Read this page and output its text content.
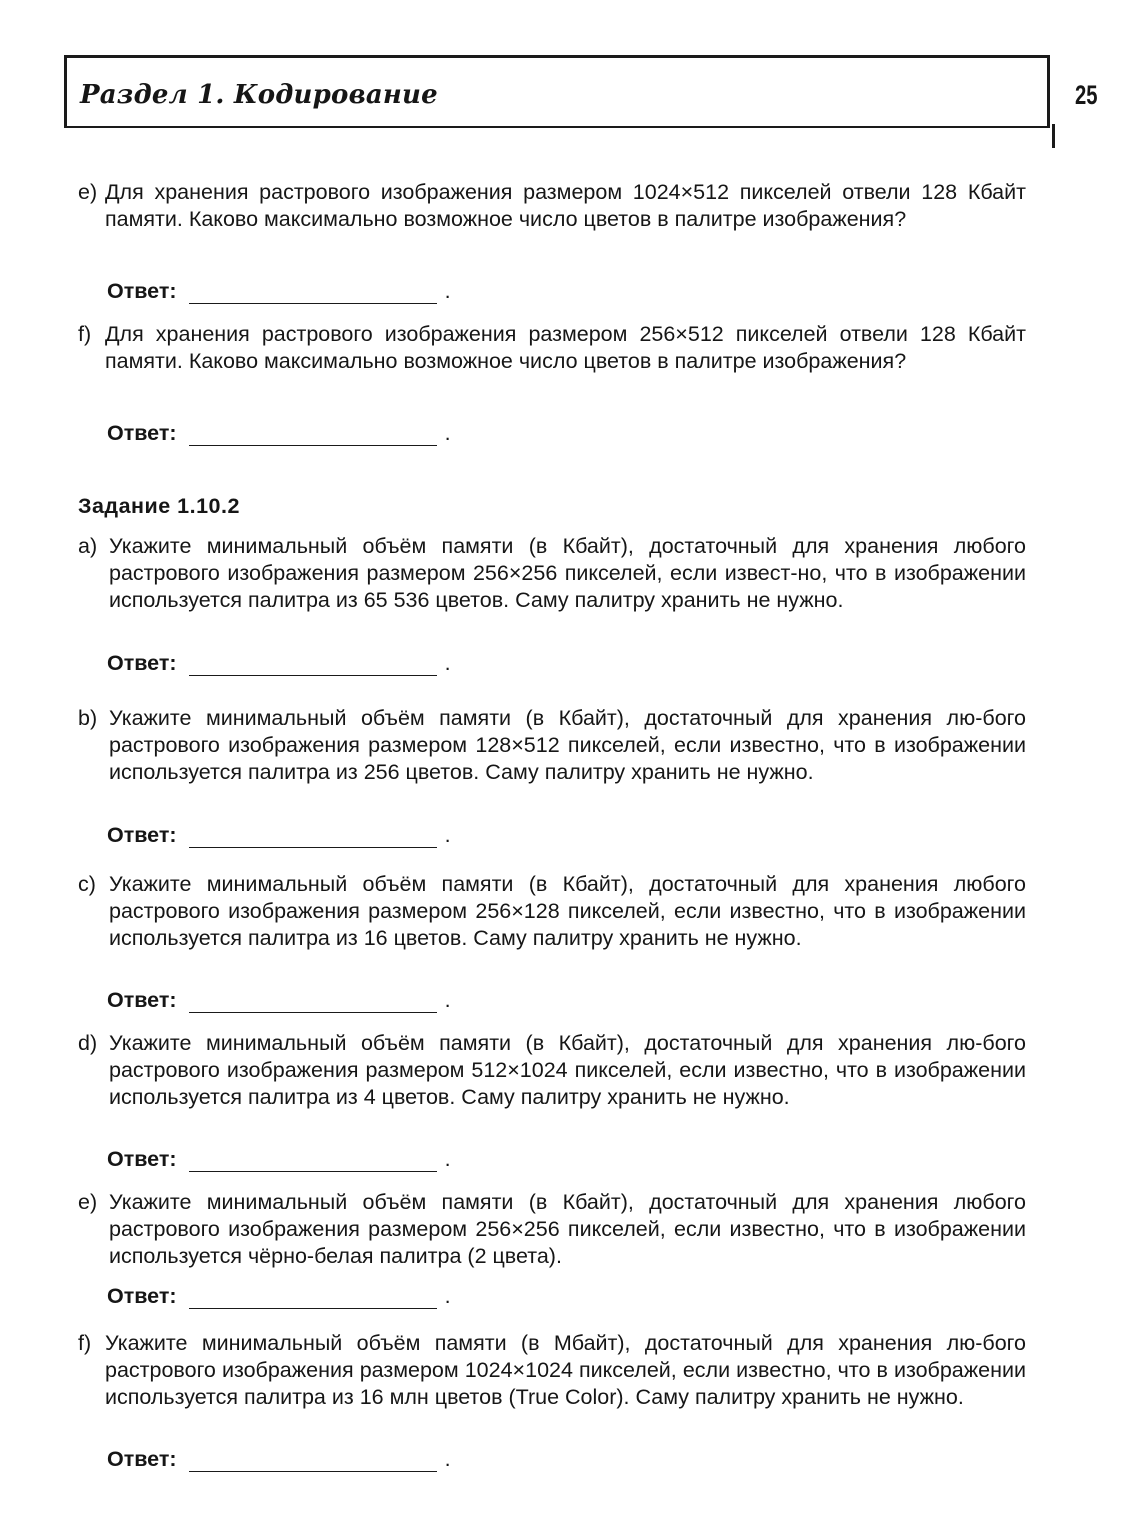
Раздел 1. Кодирование	25
e) Для хранения растрового изображения размером 1024×512 пикселей отвели 128 Кбайт памяти. Каково максимально возможное число цветов в палитре изображения?
Ответ:	.
f) Для хранения растрового изображения размером 256×512 пикселей отвели 128 Кбайт памяти. Каково максимально возможное число цветов в палитре изображения?
Ответ:	.
Задание 1.10.2
a) Укажите минимальный объём памяти (в Кбайт), достаточный для хранения любого растрового изображения размером 256×256 пикселей, если извест-но, что в изображении используется палитра из 65 536 цветов. Саму палитру хранить не нужно.
Ответ:	.
b) Укажите минимальный объём памяти (в Кбайт), достаточный для хранения лю-бого растрового изображения размером 128×512 пикселей, если известно, что в изображении используется палитра из 256 цветов. Саму палитру хранить не нужно.
Ответ:	.
c) Укажите минимальный объём памяти (в Кбайт), достаточный для хранения любого растрового изображения размером 256×128 пикселей, если известно, что в изображении используется палитра из 16 цветов. Саму палитру хранить не нужно.
Ответ:	.
d) Укажите минимальный объём памяти (в Кбайт), достаточный для хранения лю-бого растрового изображения размером 512×1024 пикселей, если известно, что в изображении используется палитра из 4 цветов. Саму палитру хранить не нужно.
Ответ:	.
e) Укажите минимальный объём памяти (в Кбайт), достаточный для хранения любого растрового изображения размером 256×256 пикселей, если известно, что в изображении используется чёрно-белая палитра (2 цвета).
Ответ:	.
f) Укажите минимальный объём памяти (в Мбайт), достаточный для хранения лю-бого растрового изображения размером 1024×1024 пикселей, если известно, что в изображении используется палитра из 16 млн цветов (True Color). Саму палитру хранить не нужно.
Ответ:	.
